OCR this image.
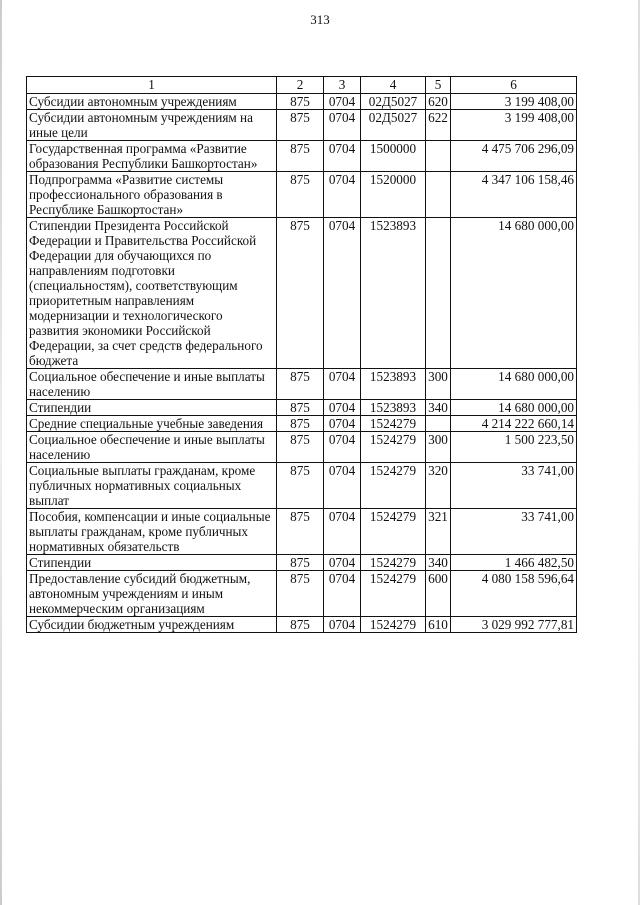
313
1	2	3	4	5	6
Субсидии автономным учреждениям	875	0704	02Д5027	620	3 199 408,00
Субсидии автономным учреждениям на иные цели	875	0704	02Д5027	622	3 199 408,00
Государственная программа «Развитие образования Республики Башкортостан»	875	0704	1500000		4 475 706 296,09
Подпрограмма «Развитие системы профессионального образования в Республике Башкортостан»	875	0704	1520000		4 347 106 158,46
Стипендии Президента Российской Федерации и Правительства Российской Федерации для обучающихся по направлениям подготовки (специальностям), соответствующим приоритетным направлениям модернизации и технологического развития экономики Российской Федерации, за счет средств федерального бюджета	875	0704	1523893		14 680 000,00
Социальное обеспечение и иные выплаты населению	875	0704	1523893	300	14 680 000,00
Стипендии	875	0704	1523893	340	14 680 000,00
Средние специальные учебные заведения	875	0704	1524279		4 214 222 660,14
Социальное обеспечение и иные выплаты населению	875	0704	1524279	300	1 500 223,50
Социальные выплаты гражданам, кроме публичных нормативных социальных выплат	875	0704	1524279	320	33 741,00
Пособия, компенсации и иные социальные выплаты гражданам, кроме публичных нормативных обязательств	875	0704	1524279	321	33 741,00
Стипендии	875	0704	1524279	340	1 466 482,50
Предоставление субсидий бюджетным, автономным учреждениям и иным некоммерческим организациям	875	0704	1524279	600	4 080 158 596,64
Субсидии бюджетным учреждениям	875	0704	1524279	610	3 029 992 777,81
